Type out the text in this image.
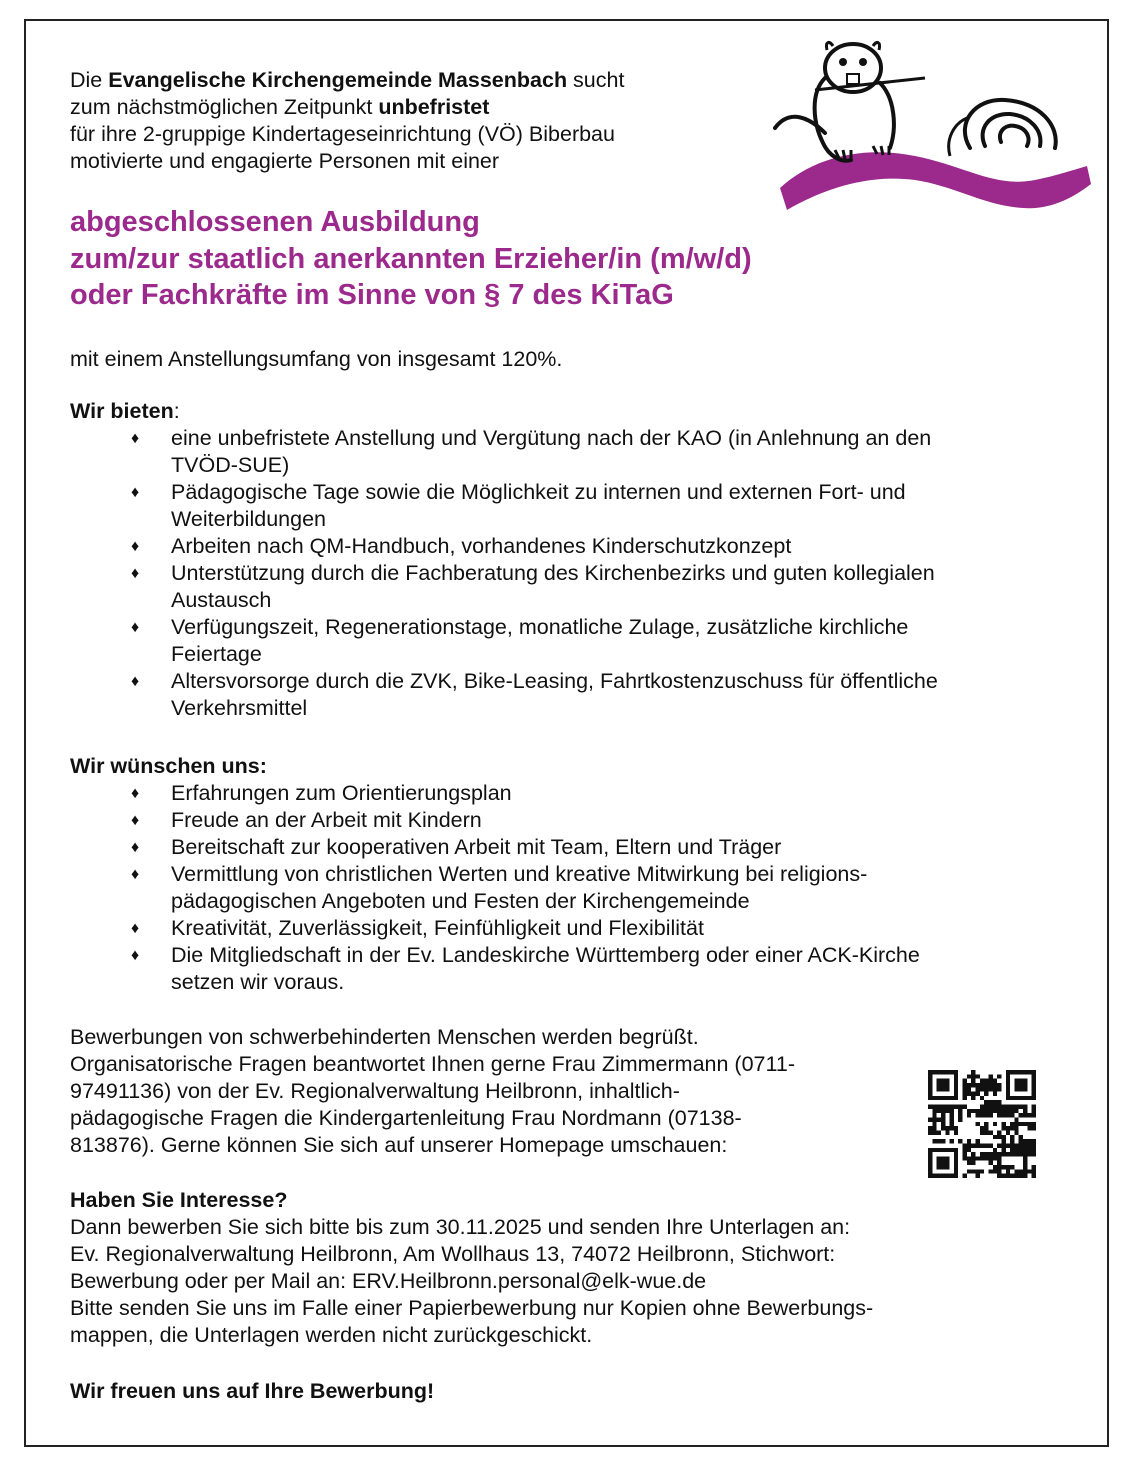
Die Evangelische Kirchengemeinde Massenbach sucht
zum nächstmöglichen Zeitpunkt unbefristet
für ihre 2-gruppige Kindertageseinrichtung (VÖ) Biberbau
motivierte und engagierte Personen mit einer
abgeschlossenen Ausbildung
zum/zur staatlich anerkannten Erzieher/in (m/w/d)
oder Fachkräfte im Sinne von § 7 des KiTaG

mit einem Anstellungsumfang von insgesamt 120%.

Wir bieten:

♦ eine unbefristete Anstellung und Vergütung nach der KAO (in Anlehnung an den
TVÖD-SUE)
♦ Pädagogische Tage sowie die Möglichkeit zu internen und externen Fort- und
Weiterbildungen
♦ Arbeiten nach QM-Handbuch, vorhandenes Kinderschutzkonzept
♦ Unterstützung durch die Fachberatung des Kirchenbezirks und guten kollegialen
Austausch
♦ Verfügungszeit, Regenerationstage, monatliche Zulage, zusätzliche kirchliche
Feiertage
♦ Altersvorsorge durch die ZVK, Bike-Leasing, Fahrtkostenzuschuss für öffentliche
Verkehrsmittel

Wir wünschen uns:

♦ Erfahrungen zum Orientierungsplan
♦ Freude an der Arbeit mit Kindern
♦ Bereitschaft zur kooperativen Arbeit mit Team, Eltern und Träger
♦ Vermittlung von christlichen Werten und kreative Mitwirkung bei religions-
pädagogischen Angeboten und Festen der Kirchengemeinde
♦ Kreativität, Zuverlässigkeit, Feinfühligkeit und Flexibilität
♦ Die Mitgliedschaft in der Ev. Landeskirche Württemberg oder einer ACK-Kirche
setzen wir voraus.
Bewerbungen von schwerbehinderten Menschen werden begrüßt.
Organisatorische Fragen beantwortet Ihnen gerne Frau Zimmermann (0711-
97491136) von der Ev. Regionalverwaltung Heilbronn, inhaltlich-
pädagogische Fragen die Kindergartenleitung Frau Nordmann (07138-
813876). Gerne können Sie sich auf unserer Homepage umschauen:

Haben Sie Interesse?

Dann bewerben Sie sich bitte bis zum 30.11.2025 und senden Ihre Unterlagen an:
Ev. Regionalverwaltung Heilbronn, Am Wollhaus 13, 74072 Heilbronn, Stichwort:
Bewerbung oder per Mail an: ERV.Heilbronn.personal@elk-wue.de
Bitte senden Sie uns im Falle einer Papierbewerbung nur Kopien ohne Bewerbungs-
mappen, die Unterlagen werden nicht zurückgeschickt.

Wir freuen uns auf Ihre Bewerbung!
